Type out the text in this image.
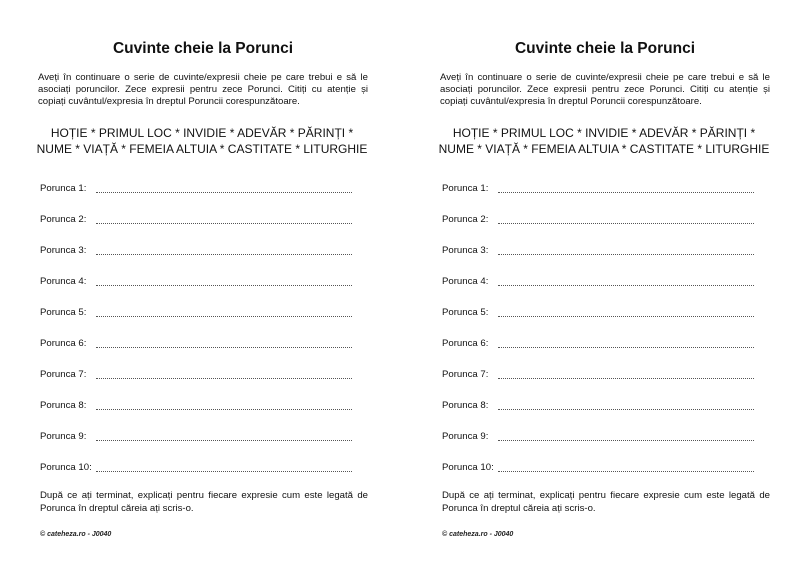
Cuvinte cheie la Porunci
Aveți în continuare o serie de cuvinte/expresii cheie pe care trebui e să le asociați poruncilor. Zece expresii pentru zece Porunci. Citiți cu atenție și copiați cuvântul/expresia în dreptul Poruncii corespunzătoare.
HOȚIE * PRIMUL LOC * INVIDIE * ADEVĂR * PĂRINȚI *
NUME * VIAȚĂ * FEMEIA ALTUIA * CASTITATE * LITURGHIE
Porunca 1:
Porunca 2:
Porunca 3:
Porunca 4:
Porunca 5:
Porunca 6:
Porunca 7:
Porunca 8:
Porunca 9:
Porunca 10:
După ce ați terminat, explicați pentru fiecare expresie cum este legată de Porunca în dreptul căreia ați scris-o.
© cateheza.ro - J0040
Cuvinte cheie la Porunci
Aveți în continuare o serie de cuvinte/expresii cheie pe care trebui e să le asociați poruncilor. Zece expresii pentru zece Porunci. Citiți cu atenție și copiați cuvântul/expresia în dreptul Poruncii corespunzătoare.
HOȚIE * PRIMUL LOC * INVIDIE * ADEVĂR * PĂRINȚI *
NUME * VIAȚĂ * FEMEIA ALTUIA * CASTITATE * LITURGHIE
Porunca 1:
Porunca 2:
Porunca 3:
Porunca 4:
Porunca 5:
Porunca 6:
Porunca 7:
Porunca 8:
Porunca 9:
Porunca 10:
După ce ați terminat, explicați pentru fiecare expresie cum este legată de Porunca în dreptul căreia ați scris-o.
© cateheza.ro - J0040
